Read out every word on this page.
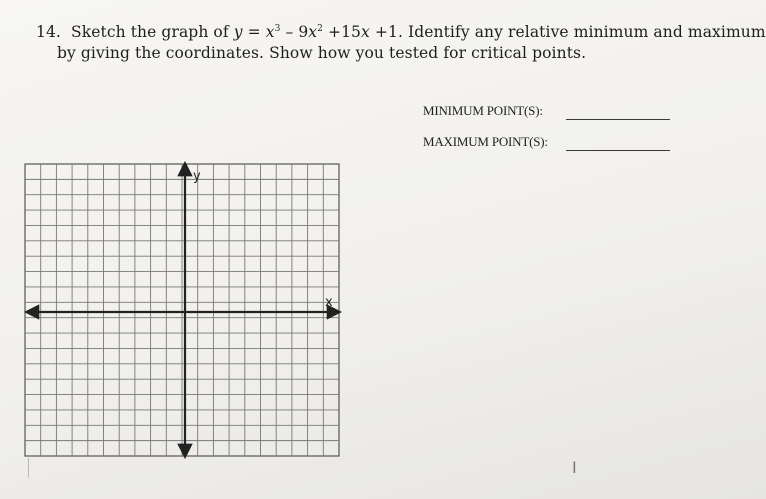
14. Sketch the graph of $y = x^3 - 9x^2 +15x +1$. Identify any relative minimum and maximum
by giving the coordinates. Show how you tested for critical points.
MINIMUM POINT(S):
MAXIMUM POINT(S):
y
x
I
